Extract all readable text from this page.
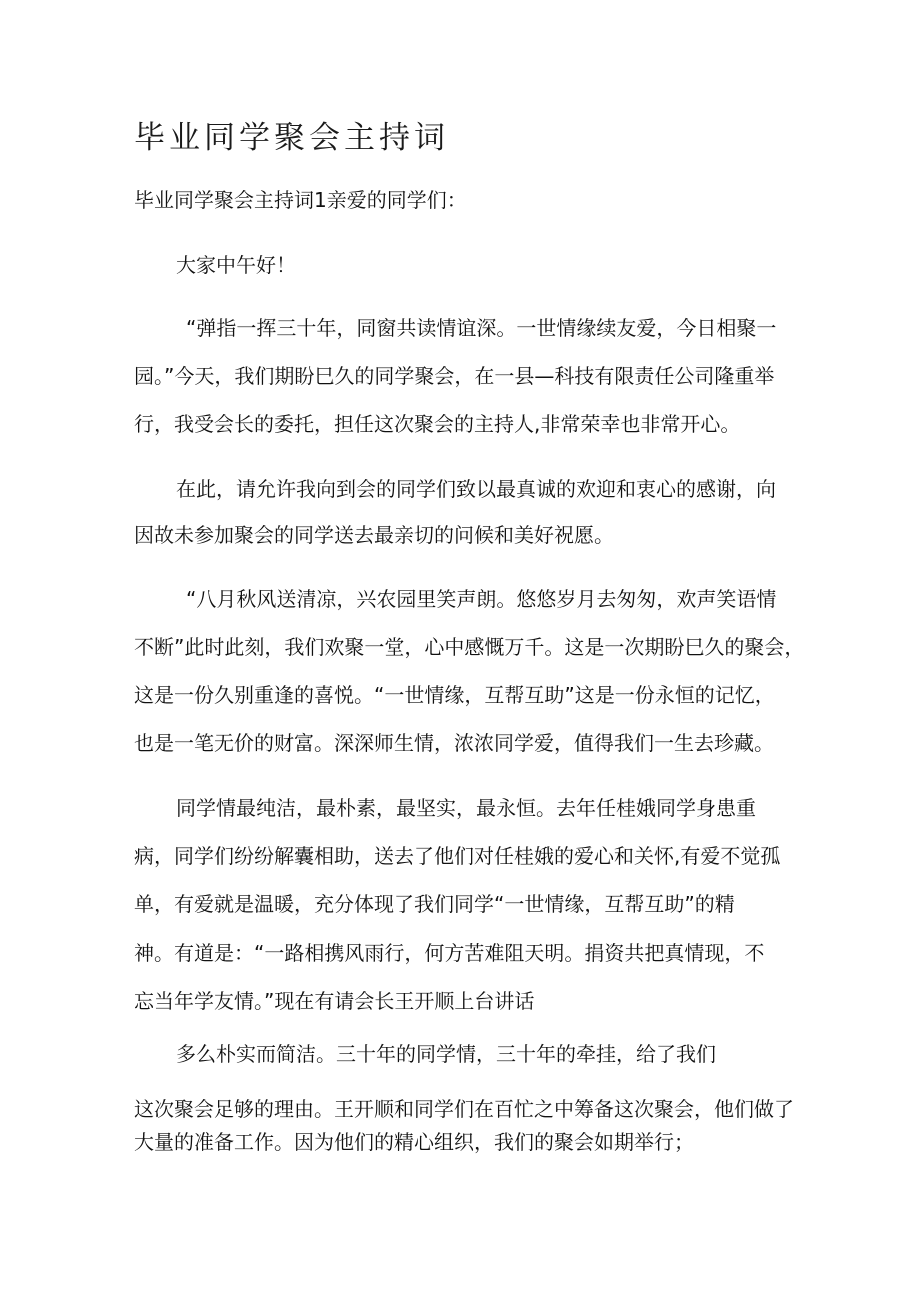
毕业同学聚会主持词
毕业同学聚会主持词1亲爱的同学们：
大家中午好！
“弹指一挥三十年，同窗共读情谊深。一世情缘续友爱，今日相聚一
园。”今天，我们期盼巳久的同学聚会，在一县—科技有限责任公司隆重举
行，我受会长的委托，担任这次聚会的主持人,非常荣幸也非常开心。
在此，请允许我向到会的同学们致以最真诚的欢迎和衷心的感谢，向
因故未参加聚会的同学送去最亲切的问候和美好祝愿。
“八月秋风送清凉，兴农园里笑声朗。悠悠岁月去匆匆，欢声笑语情
不断”此时此刻，我们欢聚一堂，心中感慨万千。这是一次期盼巳久的聚会，
这是一份久别重逢的喜悦。“一世情缘，互帮互助”这是一份永恒的记忆，
也是一笔无价的财富。深深师生情，浓浓同学爱，值得我们一生去珍藏。
同学情最纯洁，最朴素，最坚实，最永恒。去年任桂娥同学身患重
病，同学们纷纷解囊相助，送去了他们对任桂娥的爱心和关怀,有爱不觉孤
单，有爱就是温暖，充分体现了我们同学“一世情缘，互帮互助”的精
神。有道是：“一路相携风雨行，何方苦难阻天明。捐资共把真情现，不
忘当年学友情。”现在有请会长王开顺上台讲话
多么朴实而简洁。三十年的同学情，三十年的牵挂，给了我们
这次聚会足够的理由。王开顺和同学们在百忙之中筹备这次聚会，他们做了
大量的准备工作。因为他们的精心组织，我们的聚会如期举行；
